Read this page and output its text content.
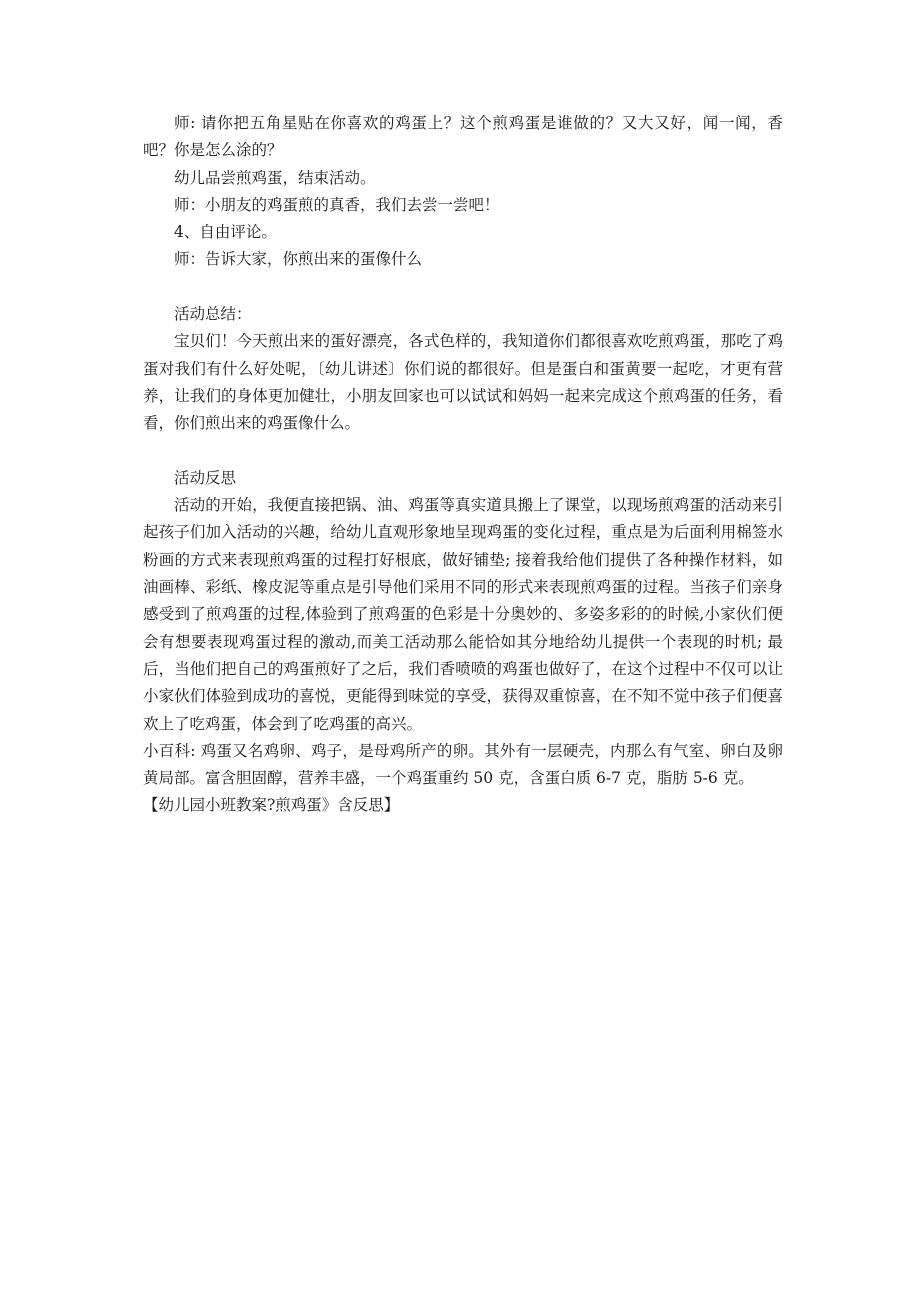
师: 请你把五角星贴在你喜欢的鸡蛋上？这个煎鸡蛋是谁做的？又大又好，闻一闻，香吧？你是怎么涂的？

幼儿品尝煎鸡蛋，结束活动。

师：小朋友的鸡蛋煎的真香，我们去尝一尝吧！

4、自由评论。

师：告诉大家，你煎出来的蛋像什么

活动总结：

宝贝们！今天煎出来的蛋好漂亮，各式色样的，我知道你们都很喜欢吃煎鸡蛋，那吃了鸡蛋对我们有什么好处呢，〔幼儿讲述〕你们说的都很好。但是蛋白和蛋黄要一起吃，才更有营养，让我们的身体更加健壮，小朋友回家也可以试试和妈妈一起来完成这个煎鸡蛋的任务，看看，你们煎出来的鸡蛋像什么。

活动反思

活动的开始，我便直接把锅、油、鸡蛋等真实道具搬上了课堂，以现场煎鸡蛋的活动来引起孩子们加入活动的兴趣，给幼儿直观形象地呈现鸡蛋的变化过程，重点是为后面利用棉签水粉画的方式来表现煎鸡蛋的过程打好根底，做好铺垫; 接着我给他们提供了各种操作材料，如油画棒、彩纸、橡皮泥等重点是引导他们采用不同的形式来表现煎鸡蛋的过程。当孩子们亲身感受到了煎鸡蛋的过程,体验到了煎鸡蛋的色彩是十分奥妙的、多姿多彩的的时候,小家伙们便会有想要表现鸡蛋过程的激动,而美工活动那么能恰如其分地给幼儿提供一个表现的时机; 最后，当他们把自己的鸡蛋煎好了之后，我们香喷喷的鸡蛋也做好了，在这个过程中不仅可以让小家伙们体验到成功的喜悦，更能得到味觉的享受，获得双重惊喜，在不知不觉中孩子们便喜欢上了吃鸡蛋，体会到了吃鸡蛋的高兴。

小百科: 鸡蛋又名鸡卵、鸡子，是母鸡所产的卵。其外有一层硬壳，内那么有气室、卵白及卵黄局部。富含胆固醇，营养丰盛，一个鸡蛋重约 50 克，含蛋白质 6-7 克，脂肪 5-6 克。

【幼儿园小班教案?煎鸡蛋》含反思】
